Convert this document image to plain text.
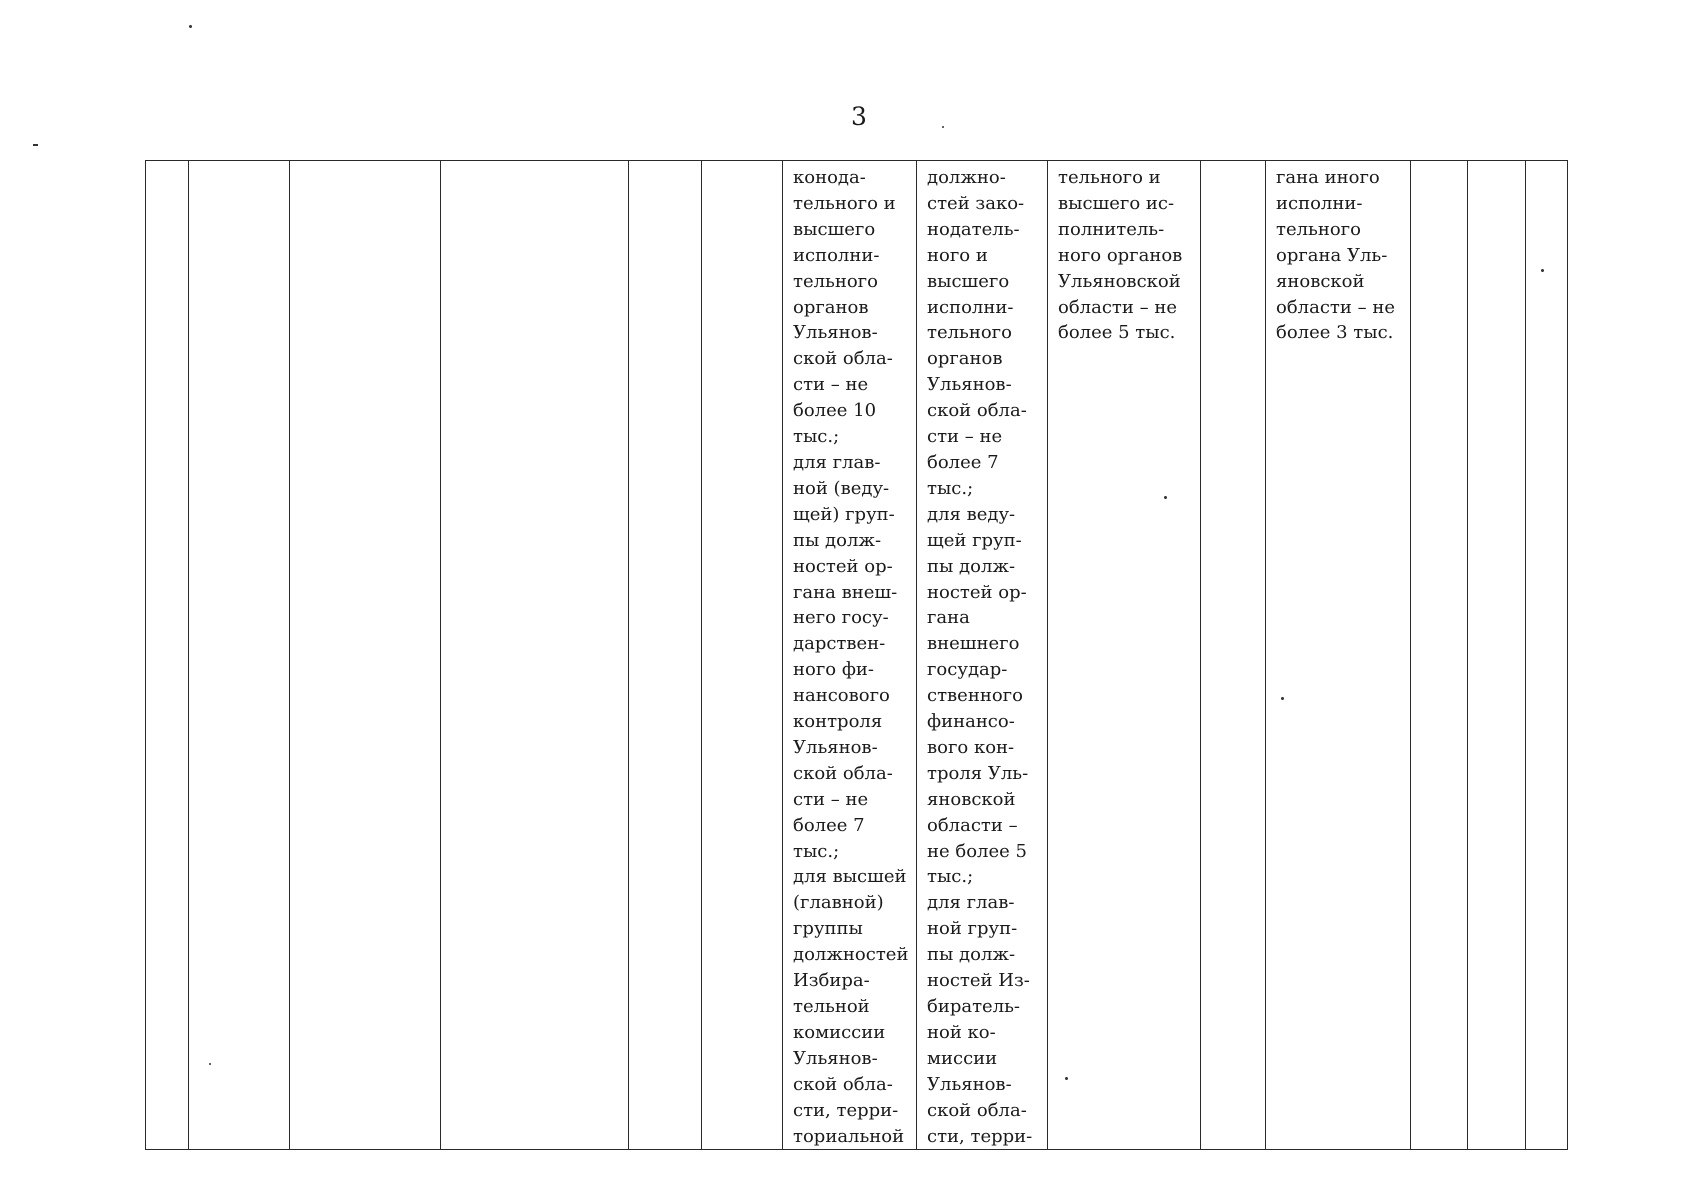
3
						конода-
тельного и
высшего
исполни-
тельного
органов
Ульянов-
ской обла-
сти – не
более 10
тыс.;
для глав-
ной (веду-
щей) груп-
пы долж-
ностей ор-
гана внеш-
него госу-
дарствен-
ного фи-
нансового
контроля
Ульянов-
ской обла-
сти – не
более 7
тыс.;
для высшей
(главной)
группы
должностей
Избира-
тельной
комиссии
Ульянов-
ской обла-
сти, терри-
ториальной	должно-
стей зако-
нодатель-
ного и
высшего
исполни-
тельного
органов
Ульянов-
ской обла-
сти – не
более 7
тыс.;
для веду-
щей груп-
пы долж-
ностей ор-
гана
внешнего
государ-
ственного
финансо-
вого кон-
троля Уль-
яновской
области –
не более 5
тыс.;
для глав-
ной груп-
пы долж-
ностей Из-
биратель-
ной ко-
миссии
Ульянов-
ской обла-
сти, терри-	тельного и
высшего ис-
полнитель-
ного органов
Ульяновской
области – не
более 5 тыс.		гана иного
исполни-
тельного
органа Уль-
яновской
области – не
более 3 тыс.			
